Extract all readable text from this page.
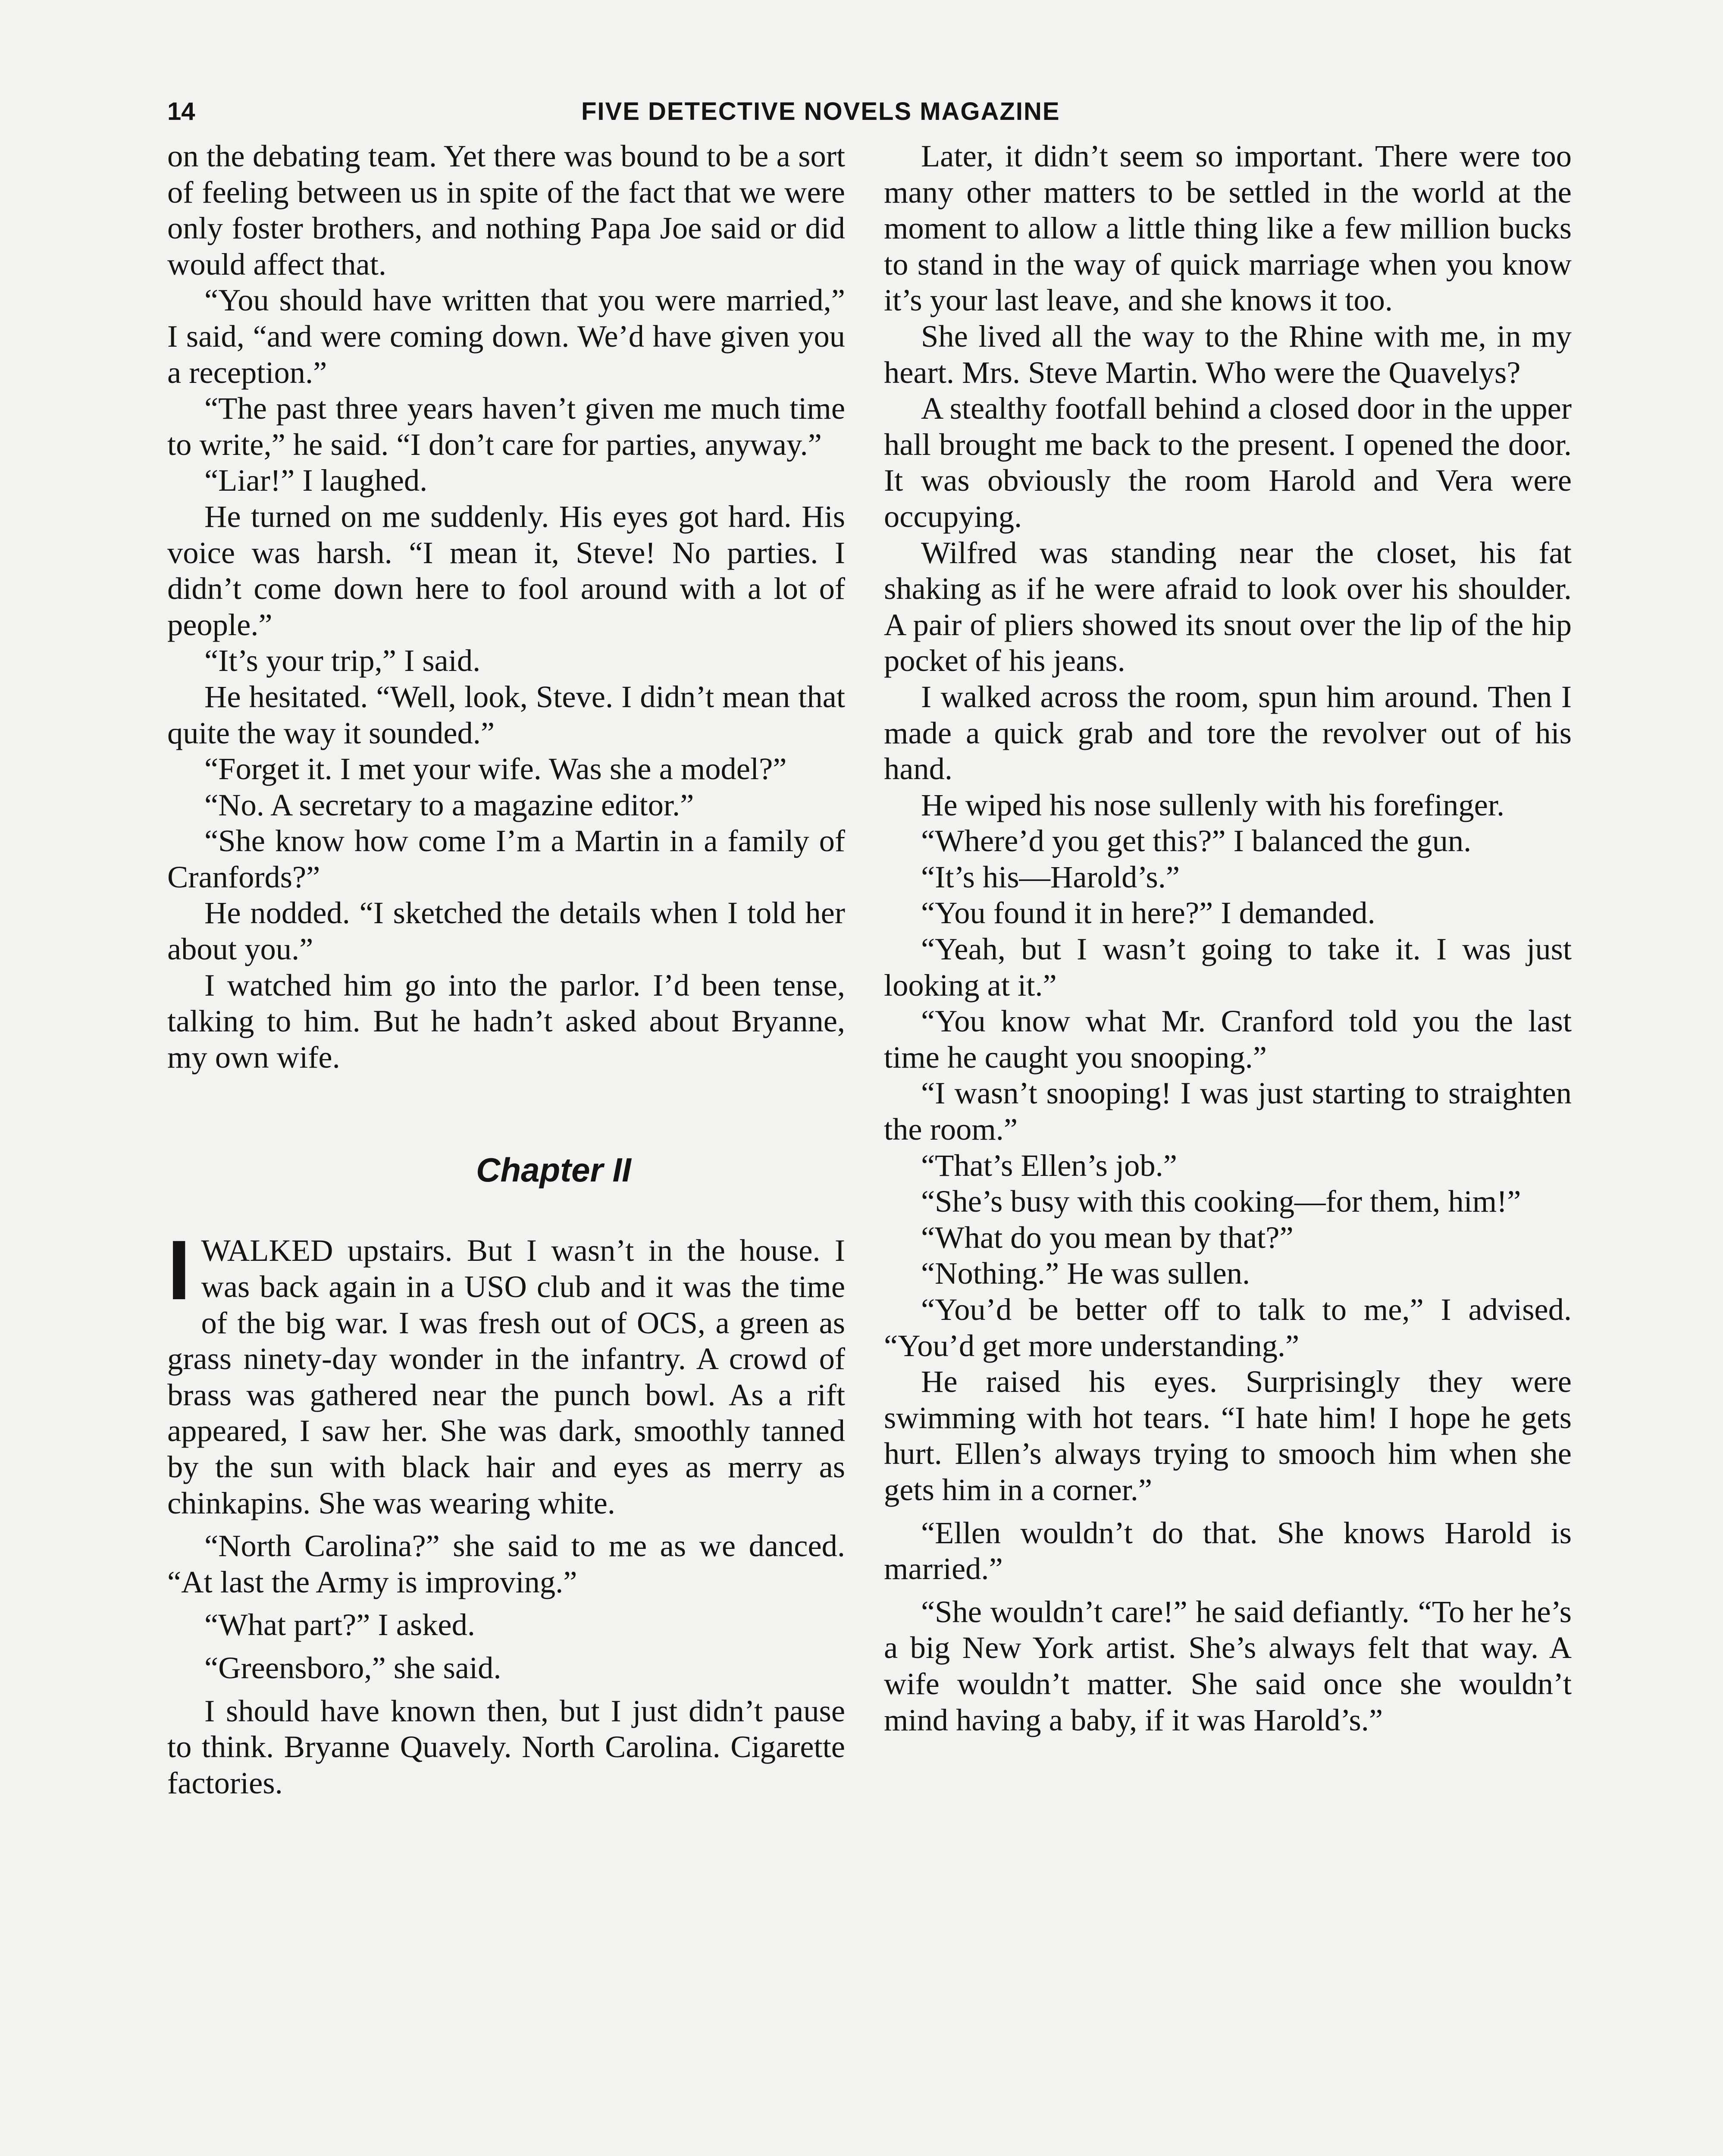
14	FIVE DETECTIVE NOVELS MAGAZINE

on the debating team. Yet there was bound to be a sort of feeling between us in spite of the fact that we were only foster brothers, and nothing Papa Joe said or did would affect that.

“You should have written that you were married,” I said, “and were coming down. We’d have given you a reception.”

“The past three years haven’t given me much time to write,” he said. “I don’t care for parties, anyway.”

“Liar!” I laughed.

He turned on me suddenly. His eyes got hard. His voice was harsh. “I mean it, Steve! No parties. I didn’t come down here to fool around with a lot of people.”

“It’s your trip,” I said.

He hesitated. “Well, look, Steve. I didn’t mean that quite the way it sounded.”

“Forget it. I met your wife. Was she a model?”

“No. A secretary to a magazine editor.”

“She know how come I’m a Martin in a family of Cranfords?”

He nodded. “I sketched the details when I told her about you.”

I watched him go into the parlor. I’d been tense, talking to him. But he hadn’t asked about Bryanne, my own wife.

Chapter II

IWALKED upstairs. But I wasn’t in the house. I was back again in a USO club and it was the time of the big war. I was fresh out of OCS, a green as grass ninety-day wonder in the infantry. A crowd of brass was gathered near the punch bowl. As a rift appeared, I saw her. She was dark, smoothly tanned by the sun with black hair and eyes as merry as chinkapins. She was wearing white.

“North Carolina?” she said to me as we danced. “At last the Army is improving.”

“What part?” I asked.

“Greensboro,” she said.

I should have known then, but I just didn’t pause to think. Bryanne Quavely. North Carolina. Cigarette factories.

Later, it didn’t seem so important. There were too many other matters to be settled in the world at the moment to allow a little thing like a few million bucks to stand in the way of quick marriage when you know it’s your last leave, and she knows it too.

She lived all the way to the Rhine with me, in my heart. Mrs. Steve Martin. Who were the Quavelys?

A stealthy footfall behind a closed door in the upper hall brought me back to the present. I opened the door. It was obviously the room Harold and Vera were occupying.

Wilfred was standing near the closet, his fat shaking as if he were afraid to look over his shoulder. A pair of pliers showed its snout over the lip of the hip pocket of his jeans.

I walked across the room, spun him around. Then I made a quick grab and tore the revolver out of his hand.

He wiped his nose sullenly with his forefinger.

“Where’d you get this?” I balanced the gun.

“It’s his—Harold’s.”

“You found it in here?” I demanded.

“Yeah, but I wasn’t going to take it. I was just looking at it.”

“You know what Mr. Cranford told you the last time he caught you snooping.”

“I wasn’t snooping! I was just starting to straighten the room.”

“That’s Ellen’s job.”

“She’s busy with this cooking—for them, him!”

“What do you mean by that?”

“Nothing.” He was sullen.

“You’d be better off to talk to me,” I advised. “You’d get more understanding.”

He raised his eyes. Surprisingly they were swimming with hot tears. “I hate him! I hope he gets hurt. Ellen’s always trying to smooch him when she gets him in a corner.”

“Ellen wouldn’t do that. She knows Harold is married.”

“She wouldn’t care!” he said defiantly. “To her he’s a big New York artist. She’s always felt that way. A wife wouldn’t matter. She said once she wouldn’t mind having a baby, if it was Harold’s.”
